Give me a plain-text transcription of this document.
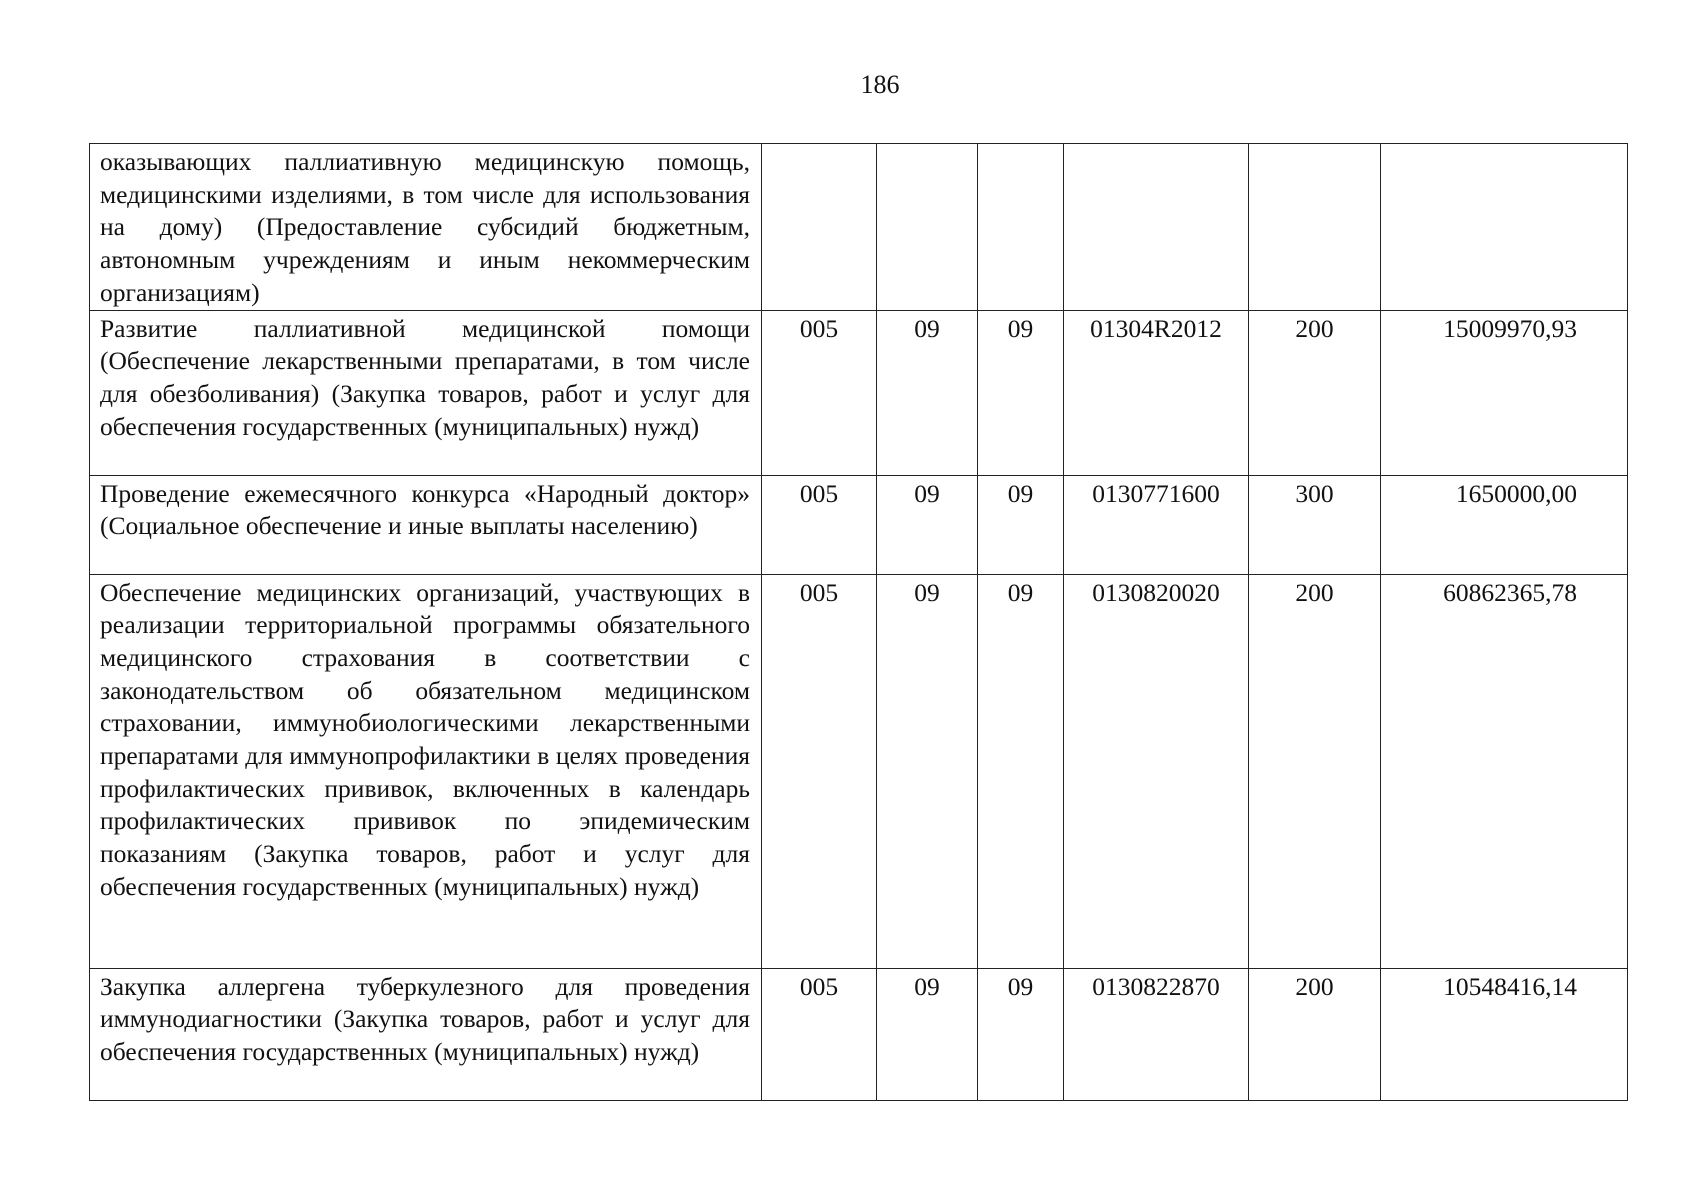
186
оказывающих паллиативную медицинскую помощь, медицинскими изделиями, в том числе для использования на дому) (Предоставление субсидий бюджетным, автономным учреждениям и иным некоммерческим организациям)						
Развитие паллиативной медицинской помощи (Обеспечение лекарственными препаратами, в том числе для обезболивания) (Закупка товаров, работ и услуг для обеспечения государственных (муниципальных) нужд)	005	09	09	01304R2012	200	15009970,93
Проведение ежемесячного конкурса «Народный доктор» (Социальное обеспечение и иные выплаты населению)	005	09	09	0130771600	300	1650000,00
Обеспечение медицинских организаций, участвующих в реализации территориальной программы обязательного медицинского страхования в соответствии с законодательством об обязательном медицинском страховании, иммунобиологическими лекарственными препаратами для иммунопрофилактики в целях проведения профилактических прививок, включенных в календарь профилактических прививок по эпидемическим показаниям (Закупка товаров, работ и услуг для обеспечения государственных (муниципальных) нужд)	005	09	09	0130820020	200	60862365,78
Закупка аллергена туберкулезного для проведения иммунодиагностики (Закупка товаров, работ и услуг для обеспечения государственных (муниципальных) нужд)	005	09	09	0130822870	200	10548416,14
